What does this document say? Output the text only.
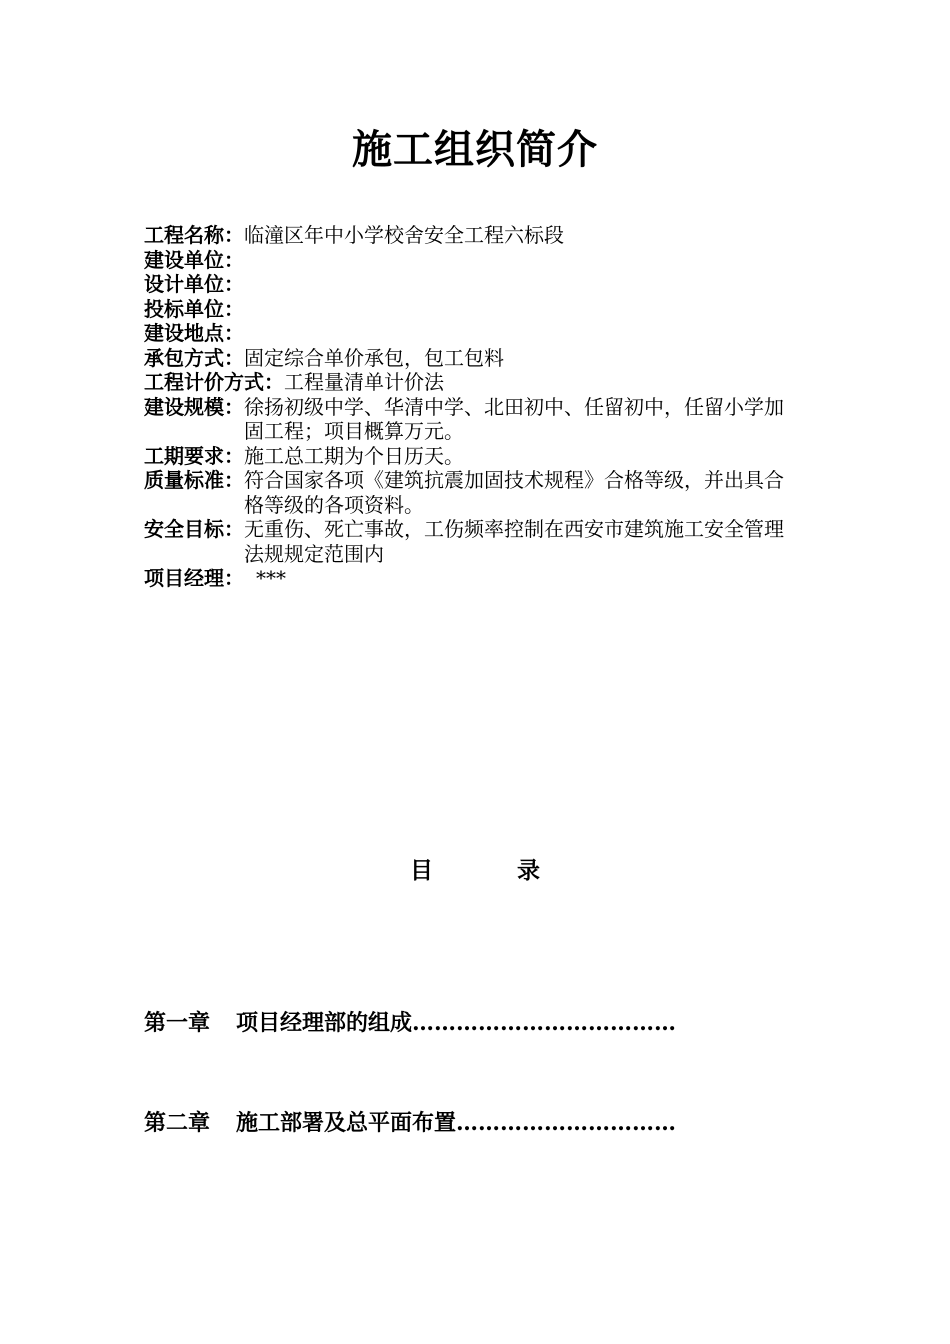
施工组织简介
工程名称： 临潼区年中小学校舍安全工程六标段
建设单位：
设计单位：
投标单位：
建设地点：
承包方式： 固定综合单价承包，包工包料
工程计价方式： 工程量清单计价法
建设规模： 徐扬初级中学、华清中学、北田初中、任留初中，任留小学加固工程；项目概算万元。
工期要求： 施工总工期为个日历天。
质量标准： 符合国家各项《建筑抗震加固技术规程》合格等级，并出具合格等级的各项资料。
安全目标： 无重伤、死亡事故，工伤频率控制在西安市建筑施工安全管理法规规定范围内
项目经理： ***
目	录
第一章 项目经理部的组成………………………………
第二章 施工部署及总平面布置…………………………
